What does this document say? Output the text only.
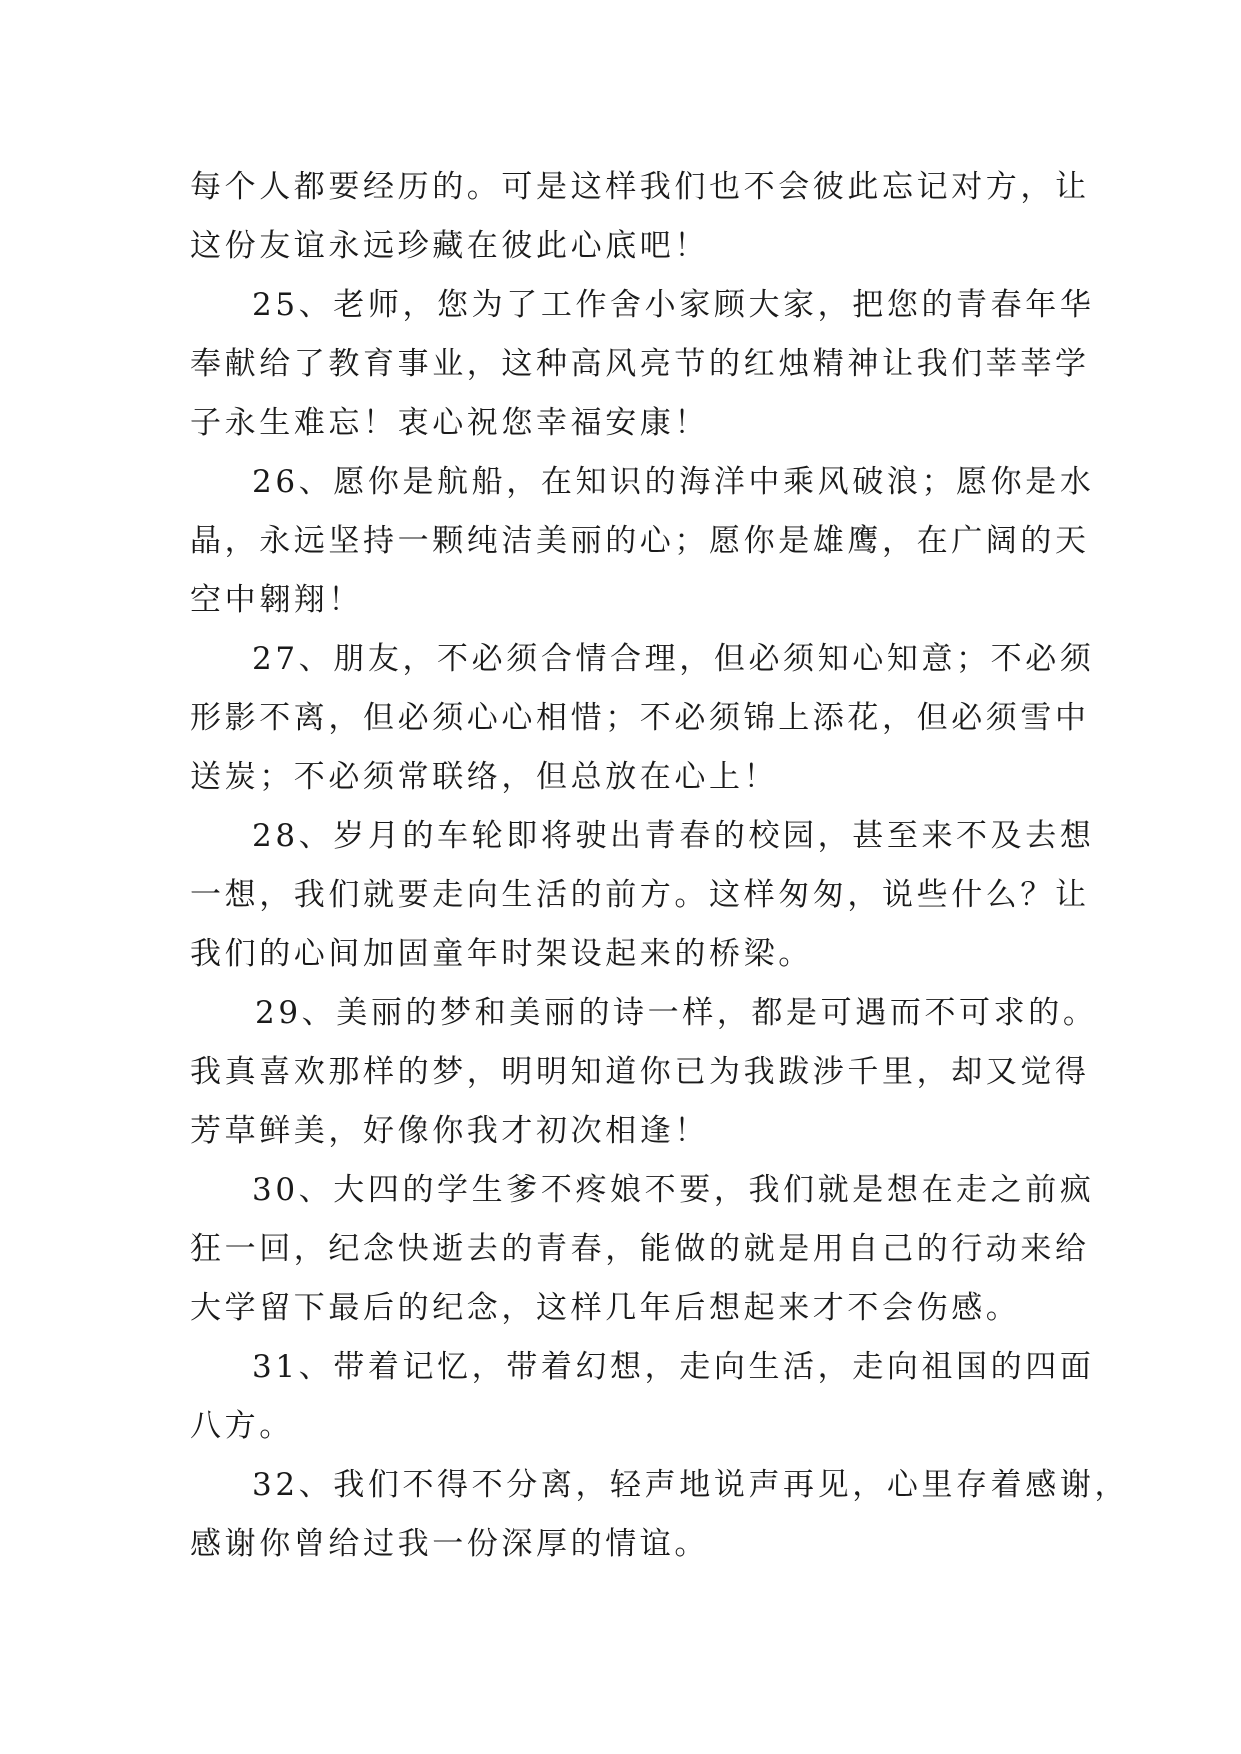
每个人都要经历的。可是这样我们也不会彼此忘记对方，让
这份友谊永远珍藏在彼此心底吧！
25、老师，您为了工作舍小家顾大家，把您的青春年华
奉献给了教育事业，这种高风亮节的红烛精神让我们莘莘学
子永生难忘！衷心祝您幸福安康！
26、愿你是航船，在知识的海洋中乘风破浪；愿你是水
晶，永远坚持一颗纯洁美丽的心；愿你是雄鹰，在广阔的天
空中翱翔！
27、朋友，不必须合情合理，但必须知心知意；不必须
形影不离，但必须心心相惜；不必须锦上添花，但必须雪中
送炭；不必须常联络，但总放在心上！
28、岁月的车轮即将驶出青春的校园，甚至来不及去想
一想，我们就要走向生活的前方。这样匆匆，说些什么？让
我们的心间加固童年时架设起来的桥梁。
29、美丽的梦和美丽的诗一样，都是可遇而不可求的。
我真喜欢那样的梦，明明知道你已为我跋涉千里，却又觉得
芳草鲜美，好像你我才初次相逢！
30、大四的学生爹不疼娘不要，我们就是想在走之前疯
狂一回，纪念快逝去的青春，能做的就是用自己的行动来给
大学留下最后的纪念，这样几年后想起来才不会伤感。
31、带着记忆，带着幻想，走向生活，走向祖国的四面
八方。
32、我们不得不分离，轻声地说声再见，心里存着感谢，
感谢你曾给过我一份深厚的情谊。
